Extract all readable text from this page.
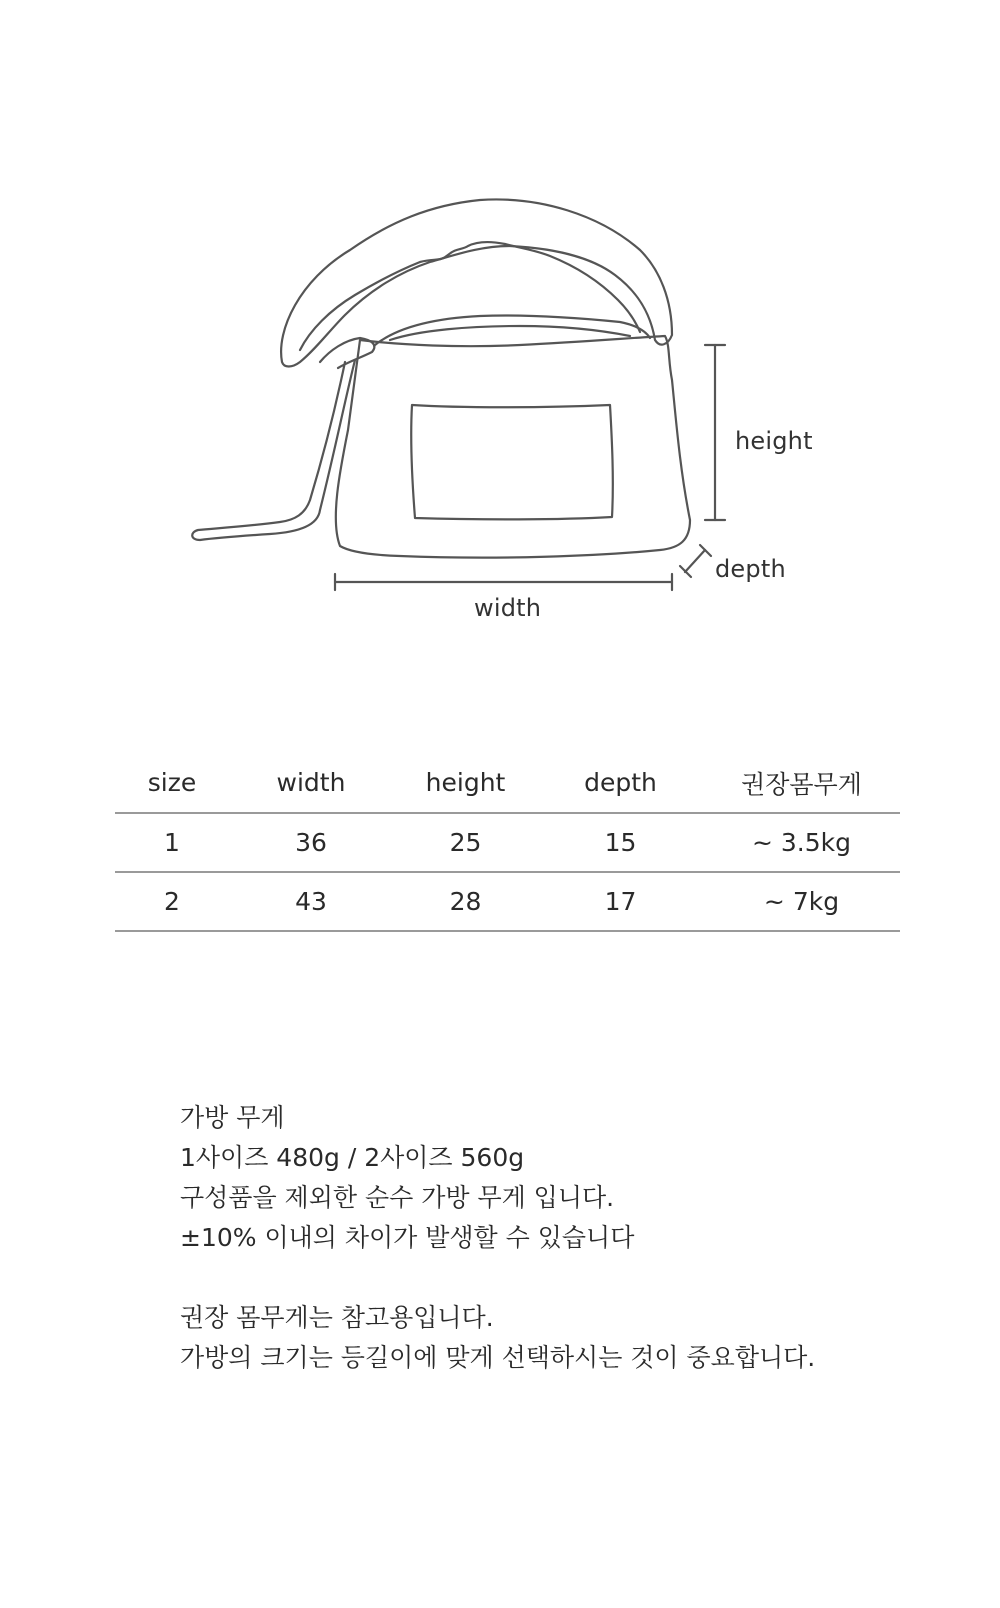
height
depth
width
size	width	height	depth	권장몸무게
1	36	25	15	~ 3.5kg
2	43	28	17	~ 7kg

가방 무게
1사이즈 480g / 2사이즈 560g
구성품을 제외한 순수 가방 무게 입니다.
±10% 이내의 차이가 발생할 수 있습니다

권장 몸무게는 참고용입니다.
가방의 크기는 등길이에 맞게 선택하시는 것이 중요합니다.
